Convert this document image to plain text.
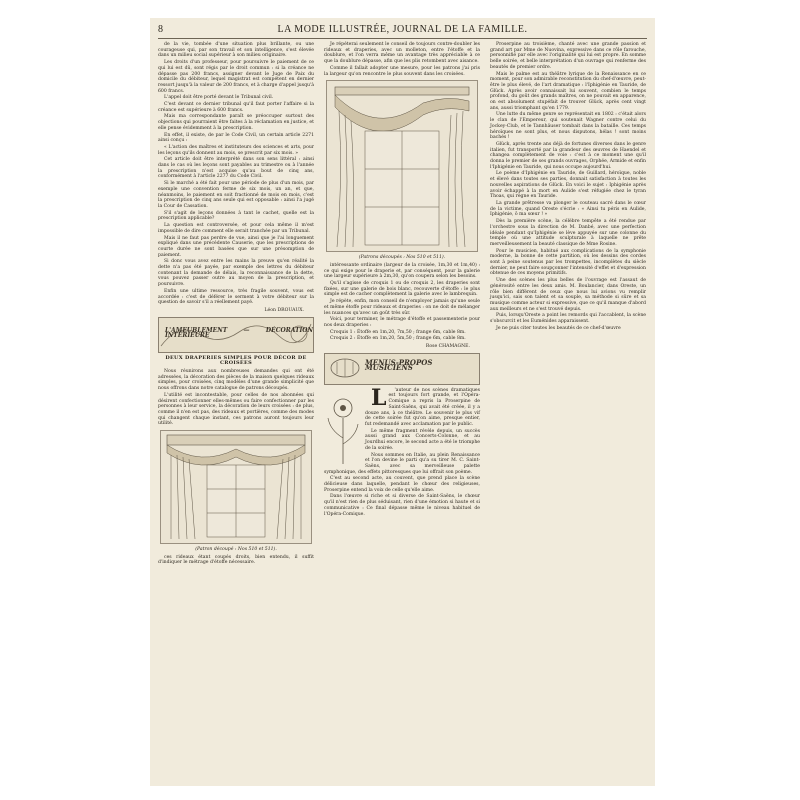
8	LA MODE ILLUSTRÉE, JOURNAL DE LA FAMILLE.

de la vie, tombée d'une situation plus brillante, ou une courageuse qui, par son travail et son intelligence, s'est élevée dans un milieu social supérieur à son milieu originaire.

Les droits d'un professeur, pour poursuivre le paiement de ce qui lui est dû, sont régis par le droit commun : si la créance ne dépasse pas 200 francs, assigner devant le Juge de Paix du domicile du débiteur, lequel magistrat est compétent en dernier ressort jusqu'à la valeur de 200 francs, et à charge d'appel jusqu'à 600 francs.

L'appel doit être porté devant le Tribunal civil.

C'est devant ce dernier tribunal qu'il faut porter l'affaire si la créance est supérieure à 600 francs.

Mais ma correspondante paraît se préoccuper surtout des objections qui pourraient être faites à la réclamation en justice, et elle pense évidemment à la prescription.

En effet, il existe, de par le Code Civil, un certain article 2271 ainsi conçu :

« L'action des maîtres et instituteurs des sciences et arts, pour les leçons qu'ils donnent au mois, se prescrit par six mois. »

Cet article doit être interprété dans son sens littéral : ainsi dans le cas où les leçons sont payables au trimestre ou à l'année la prescription n'est acquise qu'au bout de cinq ans, conformément à l'article 2277 du Code Civil.

Si le marché a été fait pour une période de plus d'un mois, par exemple une convention ferme de six mois, un an, et que, néanmoins, le paiement en soit fractionné de mois en mois, c'est la prescription de cinq ans seule qui est opposable : ainsi l'a jugé la Cour de Cassation.

S'il s'agit de leçons données à tant le cachet, quelle est la prescription applicable?

La question est controversée, et pour cela même il m'est impossible de dire comment elle serait tranchée par un Tribunal.

Mais il ne faut pas perdre de vue, ainsi que je l'ai longuement expliqué dans une précédente Causerie, que les prescriptions de courte durée ne sont basées que sur une présomption de paiement.

Si donc vous avez entre les mains la preuve qu'en réalité la dette n'a pas été payée, par exemple des lettres du débiteur contenant la demande de délais, la reconnaissance de la dette, vous pouvez passer outre au moyen de la prescription, et poursuivre.

Enfin une ultime ressource, très fragile souvent, vous est accordée : c'est de déférer le serment à votre débiteur sur la question de savoir s'il a réellement payé.

Léon DROUAUX.
L'AMEUBLEMENT — DÉCORATION INTÉRIEURE
DEUX DRAPERIES SIMPLES POUR DÉCOR DE CROISÉES

Nous réunirons aux nombreuses demandes qui ont été adressées, la décoration des pièces de la maison quelques rideaux simples, pour croisées, cinq modèles d'une grande simplicité que nous offrons dans notre catalogue de patrons découpés.

L'utilité est incontestable, pour celles de nos abonnées qui désirent confectionner elles-mêmes ou faire confectionner par les personnes à leur service, la décoration de leurs croisées : de plus, comme il n'en est pas, des rideaux et portières, comme des modes qui changent chaque instant, ces patrons auront toujours leur utilité.

(Patron découpé : Nos 510 et 511).

ces rideaux étant coupés droits, bien entendu, il suffit d'indiquer le métrage d'étoffe nécessaire.

Je répéterai seulement le conseil de toujours contre-doubler les rideaux et draperies, avec un molleton, entre l'étoffe et la doublure, et l'on verra même un avantage très appréciable à ce que la doublure dépasse, afin que les plis retombent avec aisance.

Comme il fallait adopter une mesure, pour les patrons j'ai pris la largeur qu'on rencontre le plus souvent dans les croisées.

(Patrons découpés : Nos 510 et 511).

intéressante ordinaire (largeur de la croisée, 1m,30 et 1m,40) : ce qui exige pour le draperie et, par conséquent, pour la galerie une largeur supérieure à 2m,30, qu'on coupera selon les besoins.

Qu'il s'agisse de croquis 1 ou de croquis 2, les draperies sont fixées, sur une galerie de bois blanc, recouverte d'étoffe : le plus simple est de cacher complètement la galerie avec le lambrequin.

Je répète, enfin, mon conseil de n'employer jamais qu'une seule et même étoffe pour rideaux et draperies : on ne doit de mélanger les nuances qu'avec un goût très sûr.

Voici, pour terminer, le métrage d'étoffe et passementerie pour nos deux draperies :

Croquis 1 : Étoffe en 1m,20, 7m,50 ; frange 6m, cable 8m.

Croquis 2 : Étoffe en 1m,20, 5m,50 ; frange 6m, cable 8m.

Rose CHAMAGNE.
MENUS-PROPOS MUSICIENS

L 'auteur de nos scènes dramatiques est toujours fort grande, et l'Opéra-Comique a repris la Proserpine de Saint-Saëns, qui avait été créée, il y a douze ans, à ce théâtre. Le souvenir le plus vif de cette soirée fut qu'on aime, presque entier, fut redemandé avec acclamation par le public.

Le même fragment révèle depuis, un succès aussi grand aux Concerts-Colonne, et au Jourdhui encore, le second acte a été le triomphe de la soirée.

Nous sommes en Italie, au plein Renaissance et l'on devine le parti qu'a su tirer M. C. Saint-Saëns, avec sa merveilleuse palette symphonique, des effets pittoresques que lui offrait son poème.

C'est au second acte, au couvent, que prend place la scène délicieuse dans laquelle, pendant le chœur des religieuses, Proserpine entend la voix de celle qu'elle aime.

Dans l'œuvre si riche et si diverse de Saint-Saëns, le chœur qu'il n'est rien de plus séduisant, rien d'une émotion si haute et si communicative : Ce final dépasse même le niveau habituel de l'Opéra-Comique.

Proserpine au troisième, chanté avec une grande passion et grand art par Mme de Nuovina, expressive dans ce rôle farouche, personnifié par elle avec l'originalité qui lui est propre. En somme belle soirée, et belle interprétation d'un ouvrage qui renferme des beautés de premier ordre.

Mais le palme est au théâtre lyrique de la Renaissance en ce moment, pour son admirable reconstitution du chef-d'œuvre, peut-être le plus élevé, de l'art dramatique : l'Iphigénie en Tauride, de Glück. Après avoir connaissait lui souvent, combien le temps profond, du goût des grands maîtres, on ne pouvait en apparence, on est absolument stupéfait de trouver Glück, après cent vingt ans, aussi triomphant qu'en 1779.

Une lutte du même genre se représentait en 1802 : c'était alors le clan de l'Empereur, qui soutenait Wagner contre celui du Jockey-Club, et le Tannhäuser tombait dans la bataille. Ces temps héroïques ne sont plus, et nous disputons, hélas ! sont moins bachés !

Glück, après trente ans déjà de fortunes diverses dans le genre italien, fut transporté par la grandeur des œuvres de Haendel et changea complètement de voie : c'est à ce moment une qu'il donna le premier de ses grands ouvrages, Orphée, Armide et enfin l'Iphigénie en Tauride, qui nous occupe aujourd'hui.

Le poème d'Iphigénie en Tauride, de Guillard, héroïque, noble et élevé dans toutes ses parties, donnait satisfaction à toutes les nouvelles aspirations de Glück. En voici le sujet : Iphigénie après avoir échappé à la mort en Aulide s'est réfugiée chez le tyran Thoas, qui règne en Tauride.

La grande prêtresse va plonger le couteau sacré dans le cœur de la victime, quand Oreste s'écrie : « Ainsi tu péris en Aulide, Iphigénie, ô ma sœur ! »

Dès la première scène, la célèbre tempête a été rendue par l'orchestre sous la direction de M. Danbé, avec une perfection idéale pendant qu'Iphigénie se lève appuyée sur une colonne du temple où une attitude sculpturale à laquelle ne prête merveilleusement la beauté classique de Mme Rosine.

Pour le musicien, habitué aux complications de la symphonie moderne, la bonne de cette partition, où les dessins des cordes sont à peine soutenus par les trompettes, incomplètes du siècle dernier, ne peut faire soupçonner l'intensité d'effet et d'expression obtenue de ces moyens primitifs.

Une des scènes les plus belles de l'ouvrage est l'assaut de générosité entre les deux amis. M. Boulancier, dans Oreste, un rôle bien différent de ceux que nous lui avions vu remplir jusqu'ici, sais son talent et sa souple, sa méthode si sûre et sa musique comme acteur si expressive, que ce qu'il manque d'abord aux meilleurs et ne s'est trouvé depuis.

Puis, lorsqu'Oreste a point les remords qui l'accablent, la scène s'obscurcit et les Euménides apparaissent.

Je ne puis citer toutes les beautés de ce chef-d'œuvre
